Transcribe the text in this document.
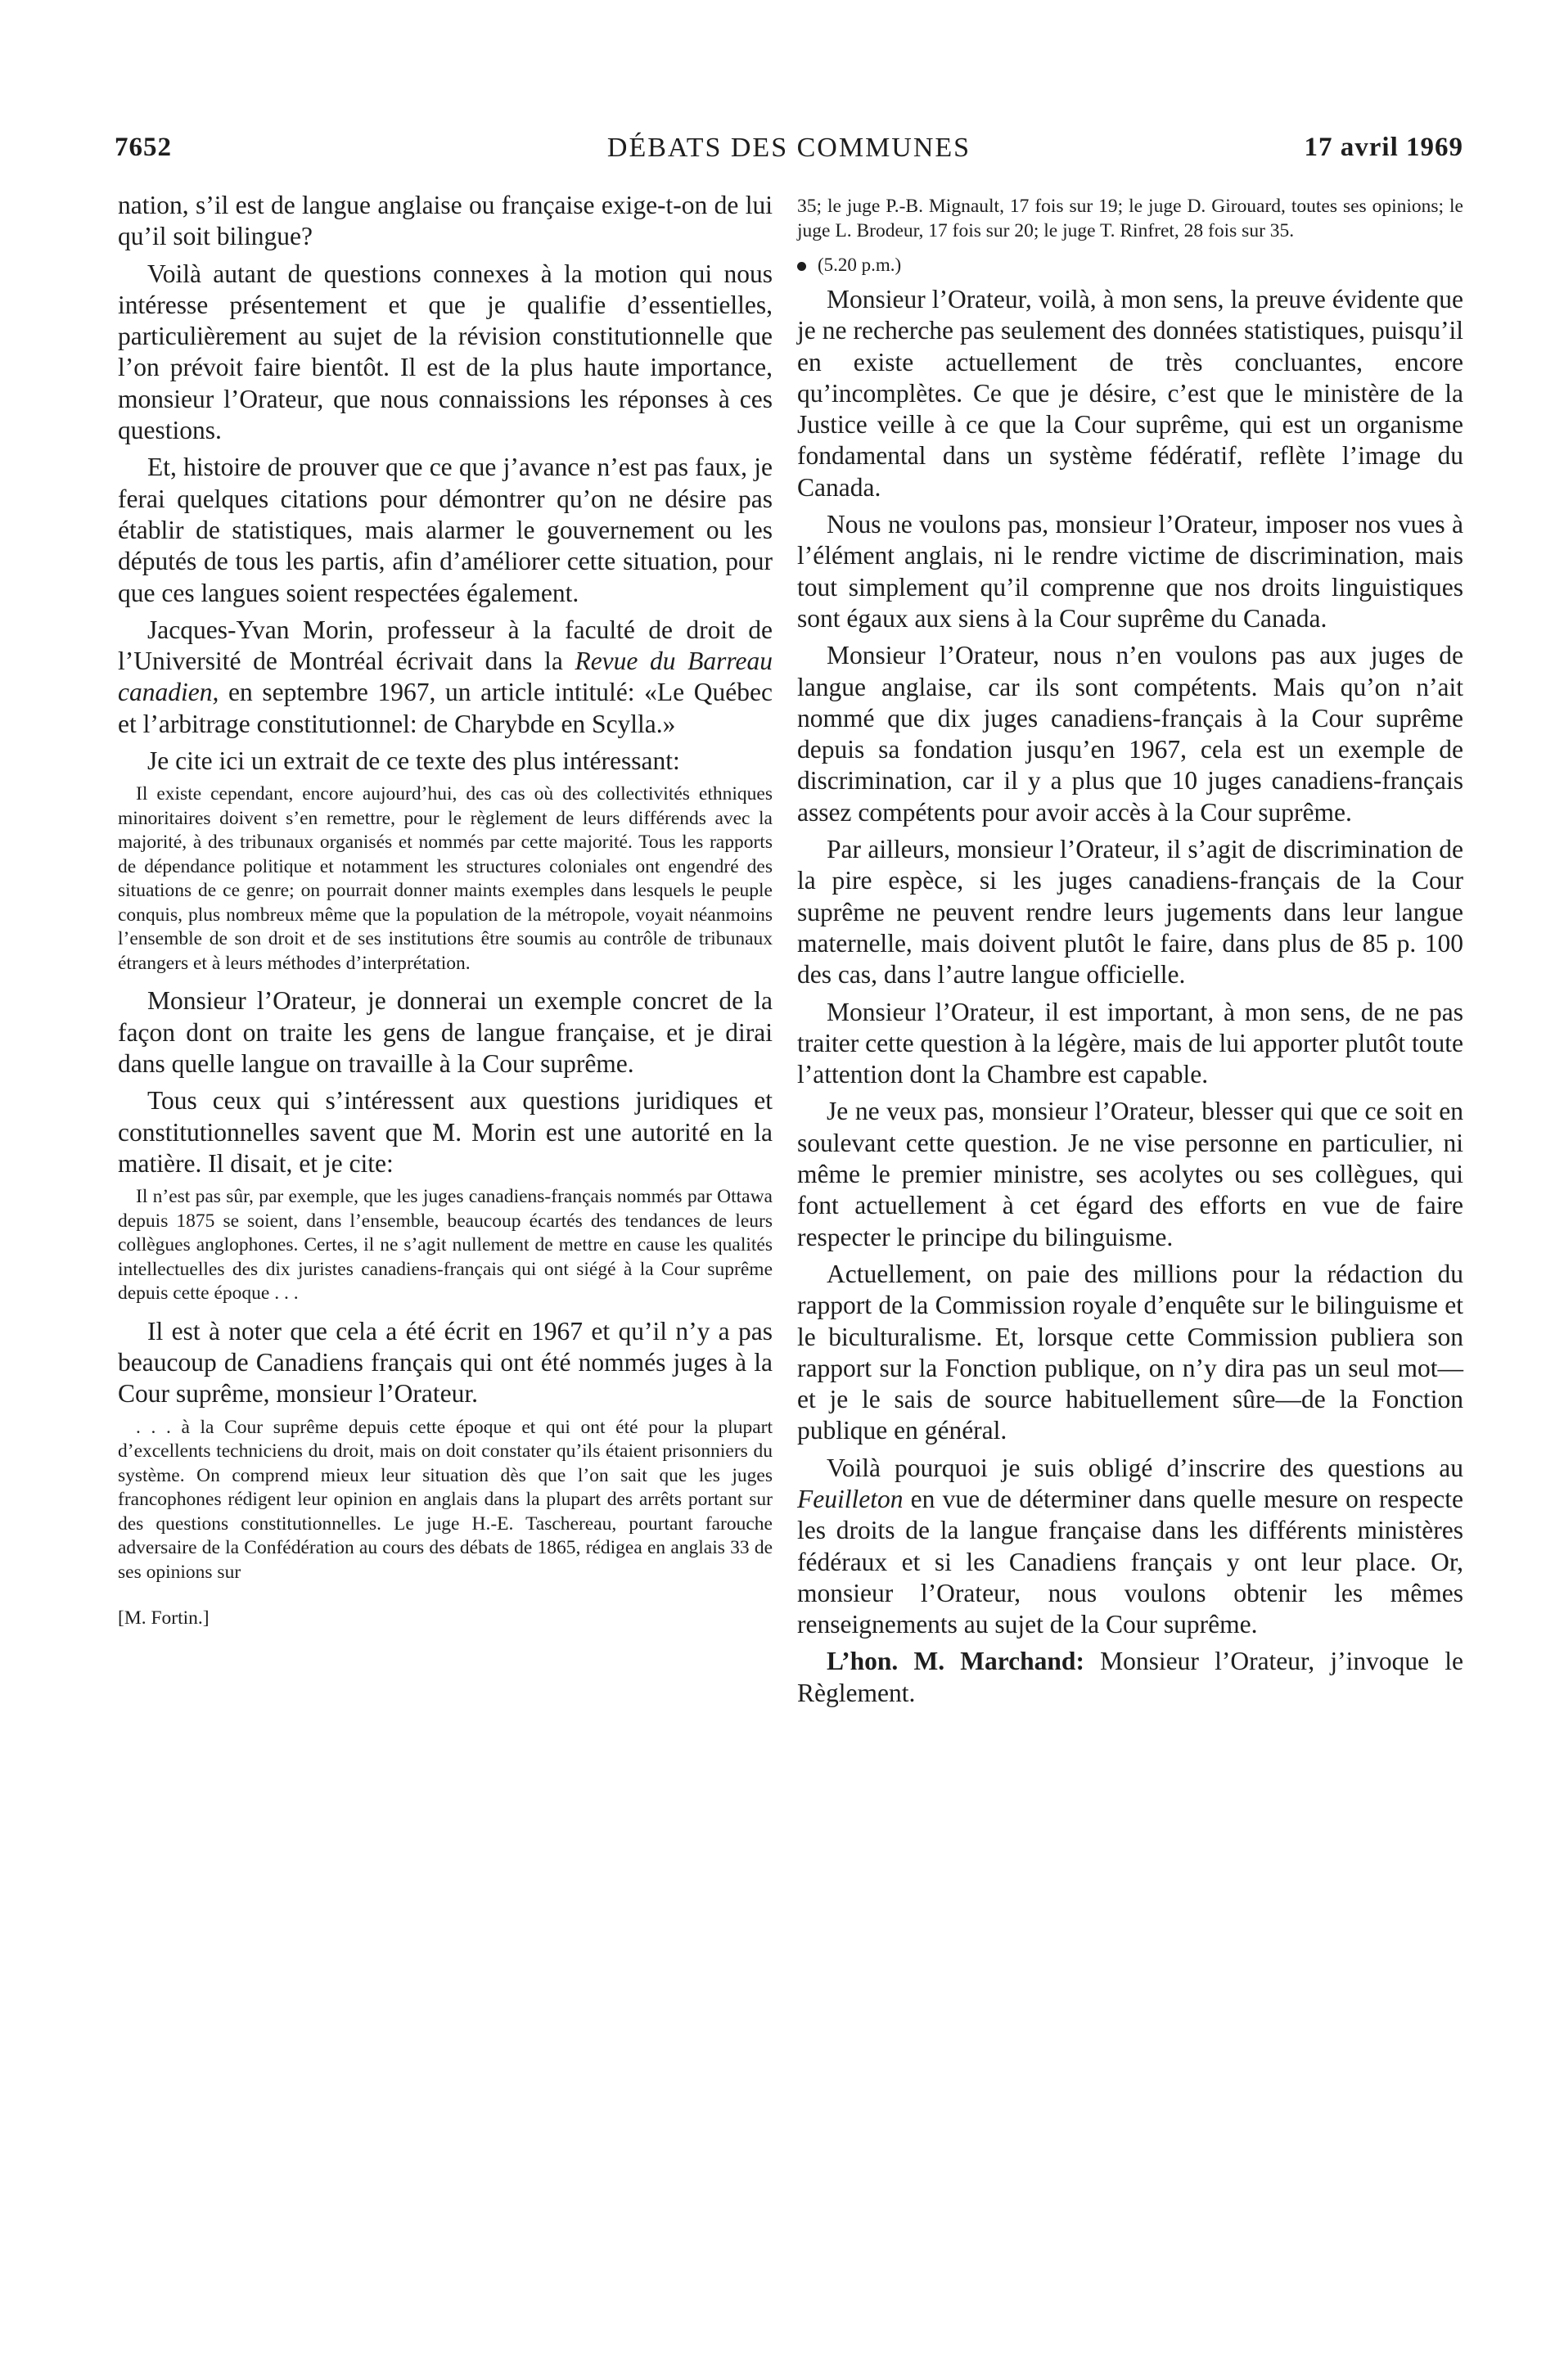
7652	DÉBATS DES COMMUNES	17 avril 1969

nation, s’il est de langue anglaise ou française exige-t-on de lui qu’il soit bilingue?

Voilà autant de questions connexes à la motion qui nous intéresse présentement et que je qualifie d’essentielles, particulièrement au sujet de la révision constitutionnelle que l’on prévoit faire bientôt. Il est de la plus haute importance, monsieur l’Orateur, que nous connaissions les réponses à ces questions.

Et, histoire de prouver que ce que j’avance n’est pas faux, je ferai quelques citations pour démontrer qu’on ne désire pas établir de statistiques, mais alarmer le gouvernement ou les députés de tous les partis, afin d’améliorer cette situation, pour que ces langues soient respectées également.

Jacques-Yvan Morin, professeur à la faculté de droit de l’Université de Montréal écrivait dans la Revue du Barreau canadien, en septembre 1967, un article intitulé: «Le Québec et l’arbitrage constitutionnel: de Charybde en Scylla.»

Je cite ici un extrait de ce texte des plus intéressant:

Il existe cependant, encore aujourd’hui, des cas où des collectivités ethniques minoritaires doivent s’en remettre, pour le règlement de leurs différends avec la majorité, à des tribunaux organisés et nommés par cette majorité. Tous les rapports de dépendance politique et notamment les structures coloniales ont engendré des situations de ce genre; on pourrait donner maints exemples dans lesquels le peuple conquis, plus nombreux même que la population de la métropole, voyait néanmoins l’ensemble de son droit et de ses institutions être soumis au contrôle de tribunaux étrangers et à leurs méthodes d’interprétation.

Monsieur l’Orateur, je donnerai un exemple concret de la façon dont on traite les gens de langue française, et je dirai dans quelle langue on travaille à la Cour suprême.

Tous ceux qui s’intéressent aux questions juridiques et constitutionnelles savent que M. Morin est une autorité en la matière. Il disait, et je cite:

Il n’est pas sûr, par exemple, que les juges canadiens-français nommés par Ottawa depuis 1875 se soient, dans l’ensemble, beaucoup écartés des tendances de leurs collègues anglophones. Certes, il ne s’agit nullement de mettre en cause les qualités intellectuelles des dix juristes canadiens-français qui ont siégé à la Cour suprême depuis cette époque . . .

Il est à noter que cela a été écrit en 1967 et qu’il n’y a pas beaucoup de Canadiens français qui ont été nommés juges à la Cour suprême, monsieur l’Orateur.

. . . à la Cour suprême depuis cette époque et qui ont été pour la plupart d’excellents techniciens du droit, mais on doit constater qu’ils étaient prisonniers du système. On comprend mieux leur situation dès que l’on sait que les juges francophones rédigent leur opinion en anglais dans la plupart des arrêts portant sur des questions constitutionnelles. Le juge H.-E. Taschereau, pourtant farouche adversaire de la Confédération au cours des débats de 1865, rédigea en anglais 33 de ses opinions sur

[M. Fortin.]

35; le juge P.-B. Mignault, 17 fois sur 19; le juge D. Girouard, toutes ses opinions; le juge L. Brodeur, 17 fois sur 20; le juge T. Rinfret, 28 fois sur 35.

(5.20 p.m.)

Monsieur l’Orateur, voilà, à mon sens, la preuve évidente que je ne recherche pas seulement des données statistiques, puisqu’il en existe actuellement de très concluantes, encore qu’incomplètes. Ce que je désire, c’est que le ministère de la Justice veille à ce que la Cour suprême, qui est un organisme fondamental dans un système fédératif, reflète l’image du Canada.

Nous ne voulons pas, monsieur l’Orateur, imposer nos vues à l’élément anglais, ni le rendre victime de discrimination, mais tout simplement qu’il comprenne que nos droits linguistiques sont égaux aux siens à la Cour suprême du Canada.

Monsieur l’Orateur, nous n’en voulons pas aux juges de langue anglaise, car ils sont compétents. Mais qu’on n’ait nommé que dix juges canadiens-français à la Cour suprême depuis sa fondation jusqu’en 1967, cela est un exemple de discrimination, car il y a plus que 10 juges canadiens-français assez compétents pour avoir accès à la Cour suprême.

Par ailleurs, monsieur l’Orateur, il s’agit de discrimination de la pire espèce, si les juges canadiens-français de la Cour suprême ne peuvent rendre leurs jugements dans leur langue maternelle, mais doivent plutôt le faire, dans plus de 85 p. 100 des cas, dans l’autre langue officielle.

Monsieur l’Orateur, il est important, à mon sens, de ne pas traiter cette question à la légère, mais de lui apporter plutôt toute l’attention dont la Chambre est capable.

Je ne veux pas, monsieur l’Orateur, blesser qui que ce soit en soulevant cette question. Je ne vise personne en particulier, ni même le premier ministre, ses acolytes ou ses collègues, qui font actuellement à cet égard des efforts en vue de faire respecter le principe du bilinguisme.

Actuellement, on paie des millions pour la rédaction du rapport de la Commission royale d’enquête sur le bilinguisme et le biculturalisme. Et, lorsque cette Commission publiera son rapport sur la Fonction publique, on n’y dira pas un seul mot—et je le sais de source habituellement sûre—de la Fonction publique en général.

Voilà pourquoi je suis obligé d’inscrire des questions au Feuilleton en vue de déterminer dans quelle mesure on respecte les droits de la langue française dans les différents ministères fédéraux et si les Canadiens français y ont leur place. Or, monsieur l’Orateur, nous voulons obtenir les mêmes renseignements au sujet de la Cour suprême.

L’hon. M. Marchand: Monsieur l’Orateur, j’invoque le Règlement.
